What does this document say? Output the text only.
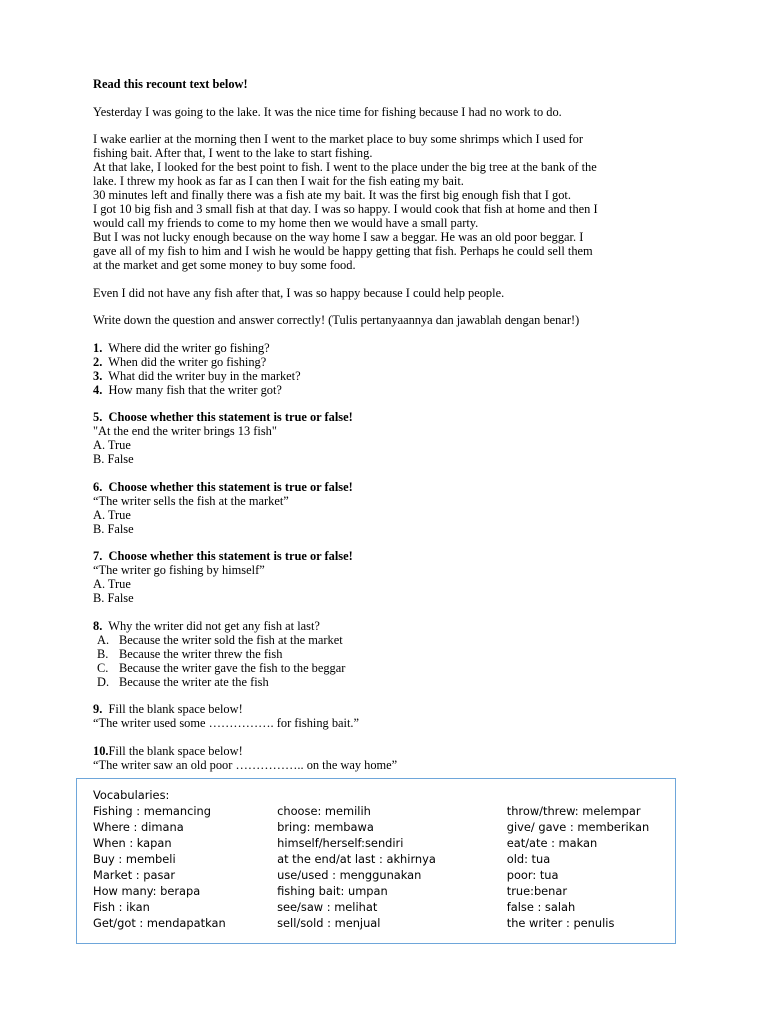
Read this recount text below!

Yesterday I was going to the lake. It was the nice time for fishing because I had no work to do.

I wake earlier at the morning then I went to the market place to buy some shrimps which I used for

fishing bait. After that, I went to the lake to start fishing.

At that lake, I looked for the best point to fish. I went to the place under the big tree at the bank of the

lake. I threw my hook as far as I can then I wait for the fish eating my bait.

30 minutes left and finally there was a fish ate my bait. It was the first big enough fish that I got.

I got 10 big fish and 3 small fish at that day. I was so happy. I would cook that fish at home and then I

would call my friends to come to my home then we would have a small party.

But I was not lucky enough because on the way home I saw a beggar. He was an old poor beggar. I

gave all of my fish to him and I wish he would be happy getting that fish. Perhaps he could sell them

at the market and get some money to buy some food.

Even I did not have any fish after that, I was so happy because I could help people.

Write down the question and answer correctly! (Tulis pertanyaannya dan jawablah dengan benar!)

1. Where did the writer go fishing?

2. When did the writer go fishing?

3. What did the writer buy in the market?

4. How many fish that the writer got?

5. Choose whether this statement is true or false!

"At the end the writer brings 13 fish"

A. True

B. False

6. Choose whether this statement is true or false!

“The writer sells the fish at the market”

A. True

B. False

7. Choose whether this statement is true or false!

“The writer go fishing by himself”

A. True

B. False

8. Why the writer did not get any fish at last?

A. Because the writer sold the fish at the market
B. Because the writer threw the fish
C. Because the writer gave the fish to the beggar
D. Because the writer ate the fish

9. Fill the blank space below!

“The writer used some ……………. for fishing bait.”

10.Fill the blank space below!

“The writer saw an old poor …………….. on the way home”

Vocabularies:
Fishing : memancing
Where : dimana
When : kapan
Buy : membeli
Market : pasar
How many: berapa
Fish : ikan
Get/got : mendapatkan
choose: memilih
bring: membawa
himself/herself:sendiri
at the end/at last : akhirnya
use/used : menggunakan
fishing bait: umpan
see/saw : melihat
sell/sold : menjual
throw/threw: melempar
give/ gave : memberikan
eat/ate : makan
old: tua
poor: tua
true:benar
false : salah
the writer : penulis
